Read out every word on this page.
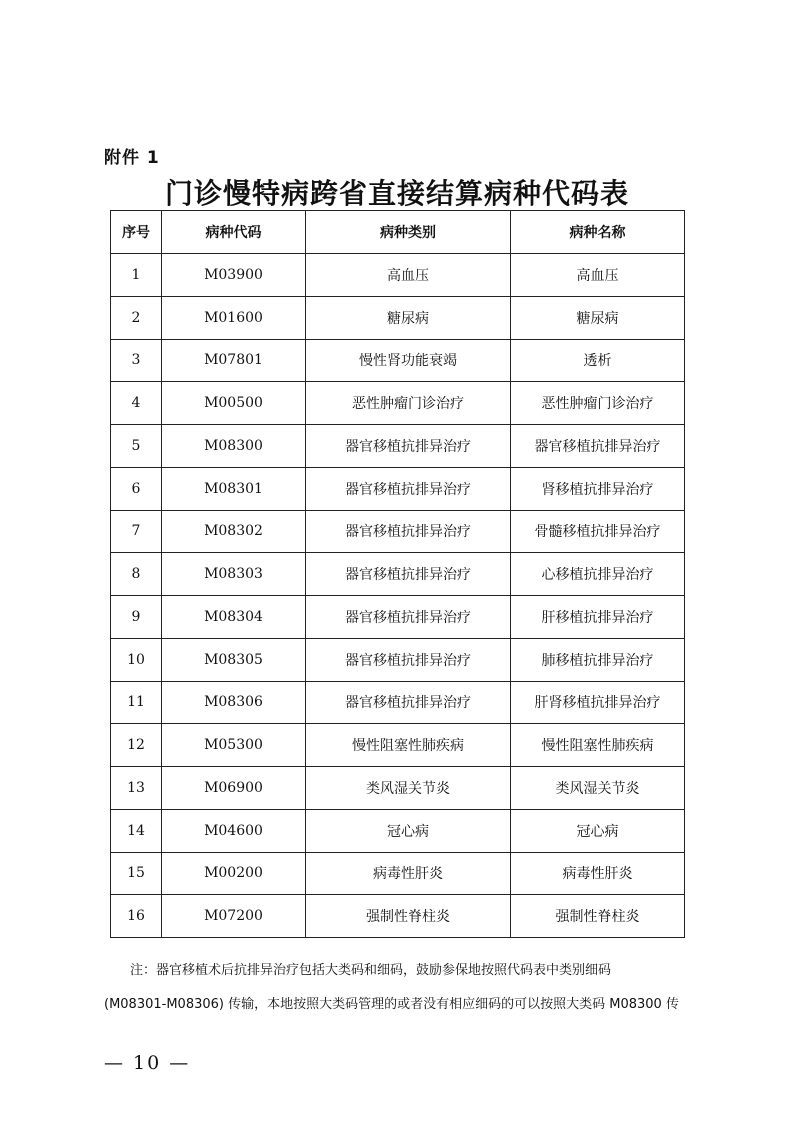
附件 1
门诊慢特病跨省直接结算病种代码表
序号	病种代码	病种类别	病种名称
1	M03900	高血压	高血压
2	M01600	糖尿病	糖尿病
3	M07801	慢性肾功能衰竭	透析
4	M00500	恶性肿瘤门诊治疗	恶性肿瘤门诊治疗
5	M08300	器官移植抗排异治疗	器官移植抗排异治疗
6	M08301	器官移植抗排异治疗	肾移植抗排异治疗
7	M08302	器官移植抗排异治疗	骨髓移植抗排异治疗
8	M08303	器官移植抗排异治疗	心移植抗排异治疗
9	M08304	器官移植抗排异治疗	肝移植抗排异治疗
10	M08305	器官移植抗排异治疗	肺移植抗排异治疗
11	M08306	器官移植抗排异治疗	肝肾移植抗排异治疗
12	M05300	慢性阻塞性肺疾病	慢性阻塞性肺疾病
13	M06900	类风湿关节炎	类风湿关节炎
14	M04600	冠心病	冠心病
15	M00200	病毒性肝炎	病毒性肝炎
16	M07200	强制性脊柱炎	强制性脊柱炎
注：器官移植术后抗排异治疗包括大类码和细码，鼓励参保地按照代码表中类别细码
(M08301-M08306) 传输，本地按照大类码管理的或者没有相应细码的可以按照大类码 M08300 传
— 10 —
